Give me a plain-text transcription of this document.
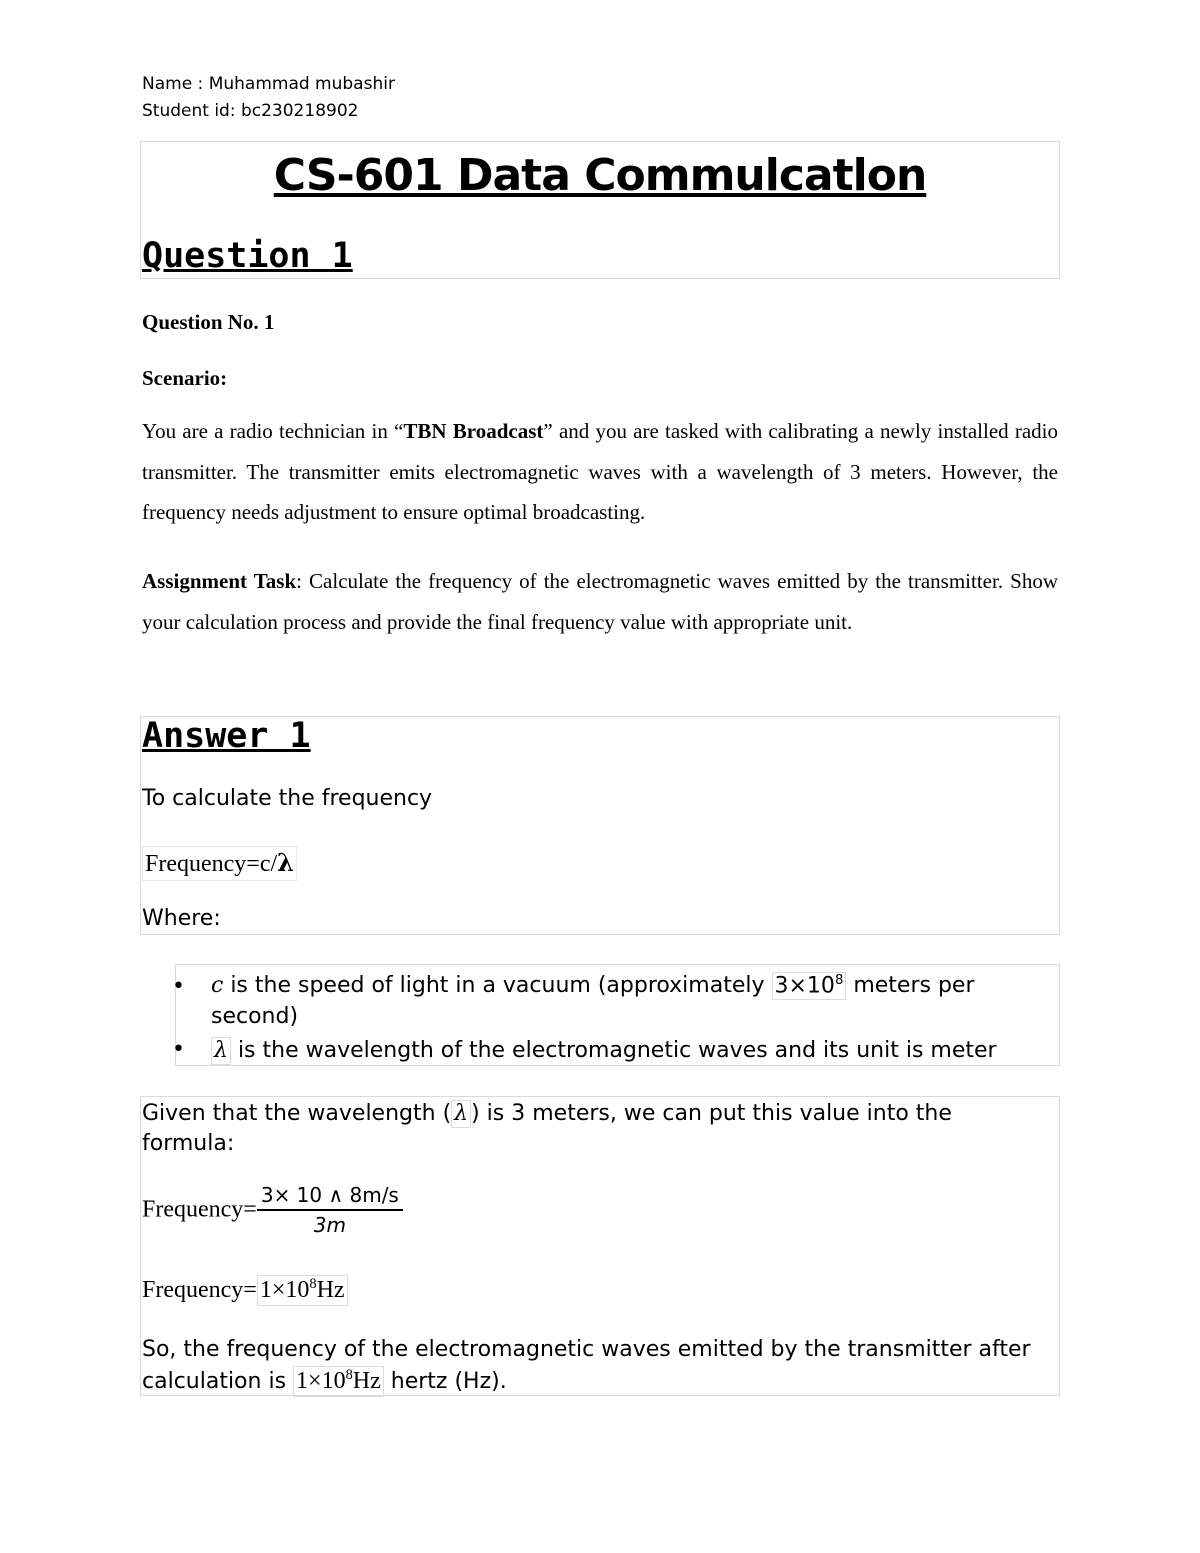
Name : Muhammad mubashir
Student id: bc230218902
CS-601 Data Commulcatlon
Question 1
Question No. 1
Scenario:
You are a radio technician in “TBN Broadcast” and you are tasked with calibrating a newly installed radio transmitter. The transmitter emits electromagnetic waves with a wavelength of 3 meters. However, the frequency needs adjustment to ensure optimal broadcasting.
Assignment Task: Calculate the frequency of the electromagnetic waves emitted by the transmitter. Show your calculation process and provide the final frequency value with appropriate unit.
Answer 1
To calculate the frequency
Frequency=c/λ
Where:
• c is the speed of light in a vacuum (approximately $3\times 10^8$ meters per second)
• λ is the wavelength of the electromagnetic waves and its unit is meter
Given that the wavelength ( λ ) is 3 meters, we can put this value into the formula:
Frequency= $\frac{3\times 10 \wedge 8m/s}{3m}$
Frequency= $1\times 10^8Hz$
So, the frequency of the electromagnetic waves emitted by the transmitter after calculation is $1\times 10^8Hz$ hertz (Hz).
